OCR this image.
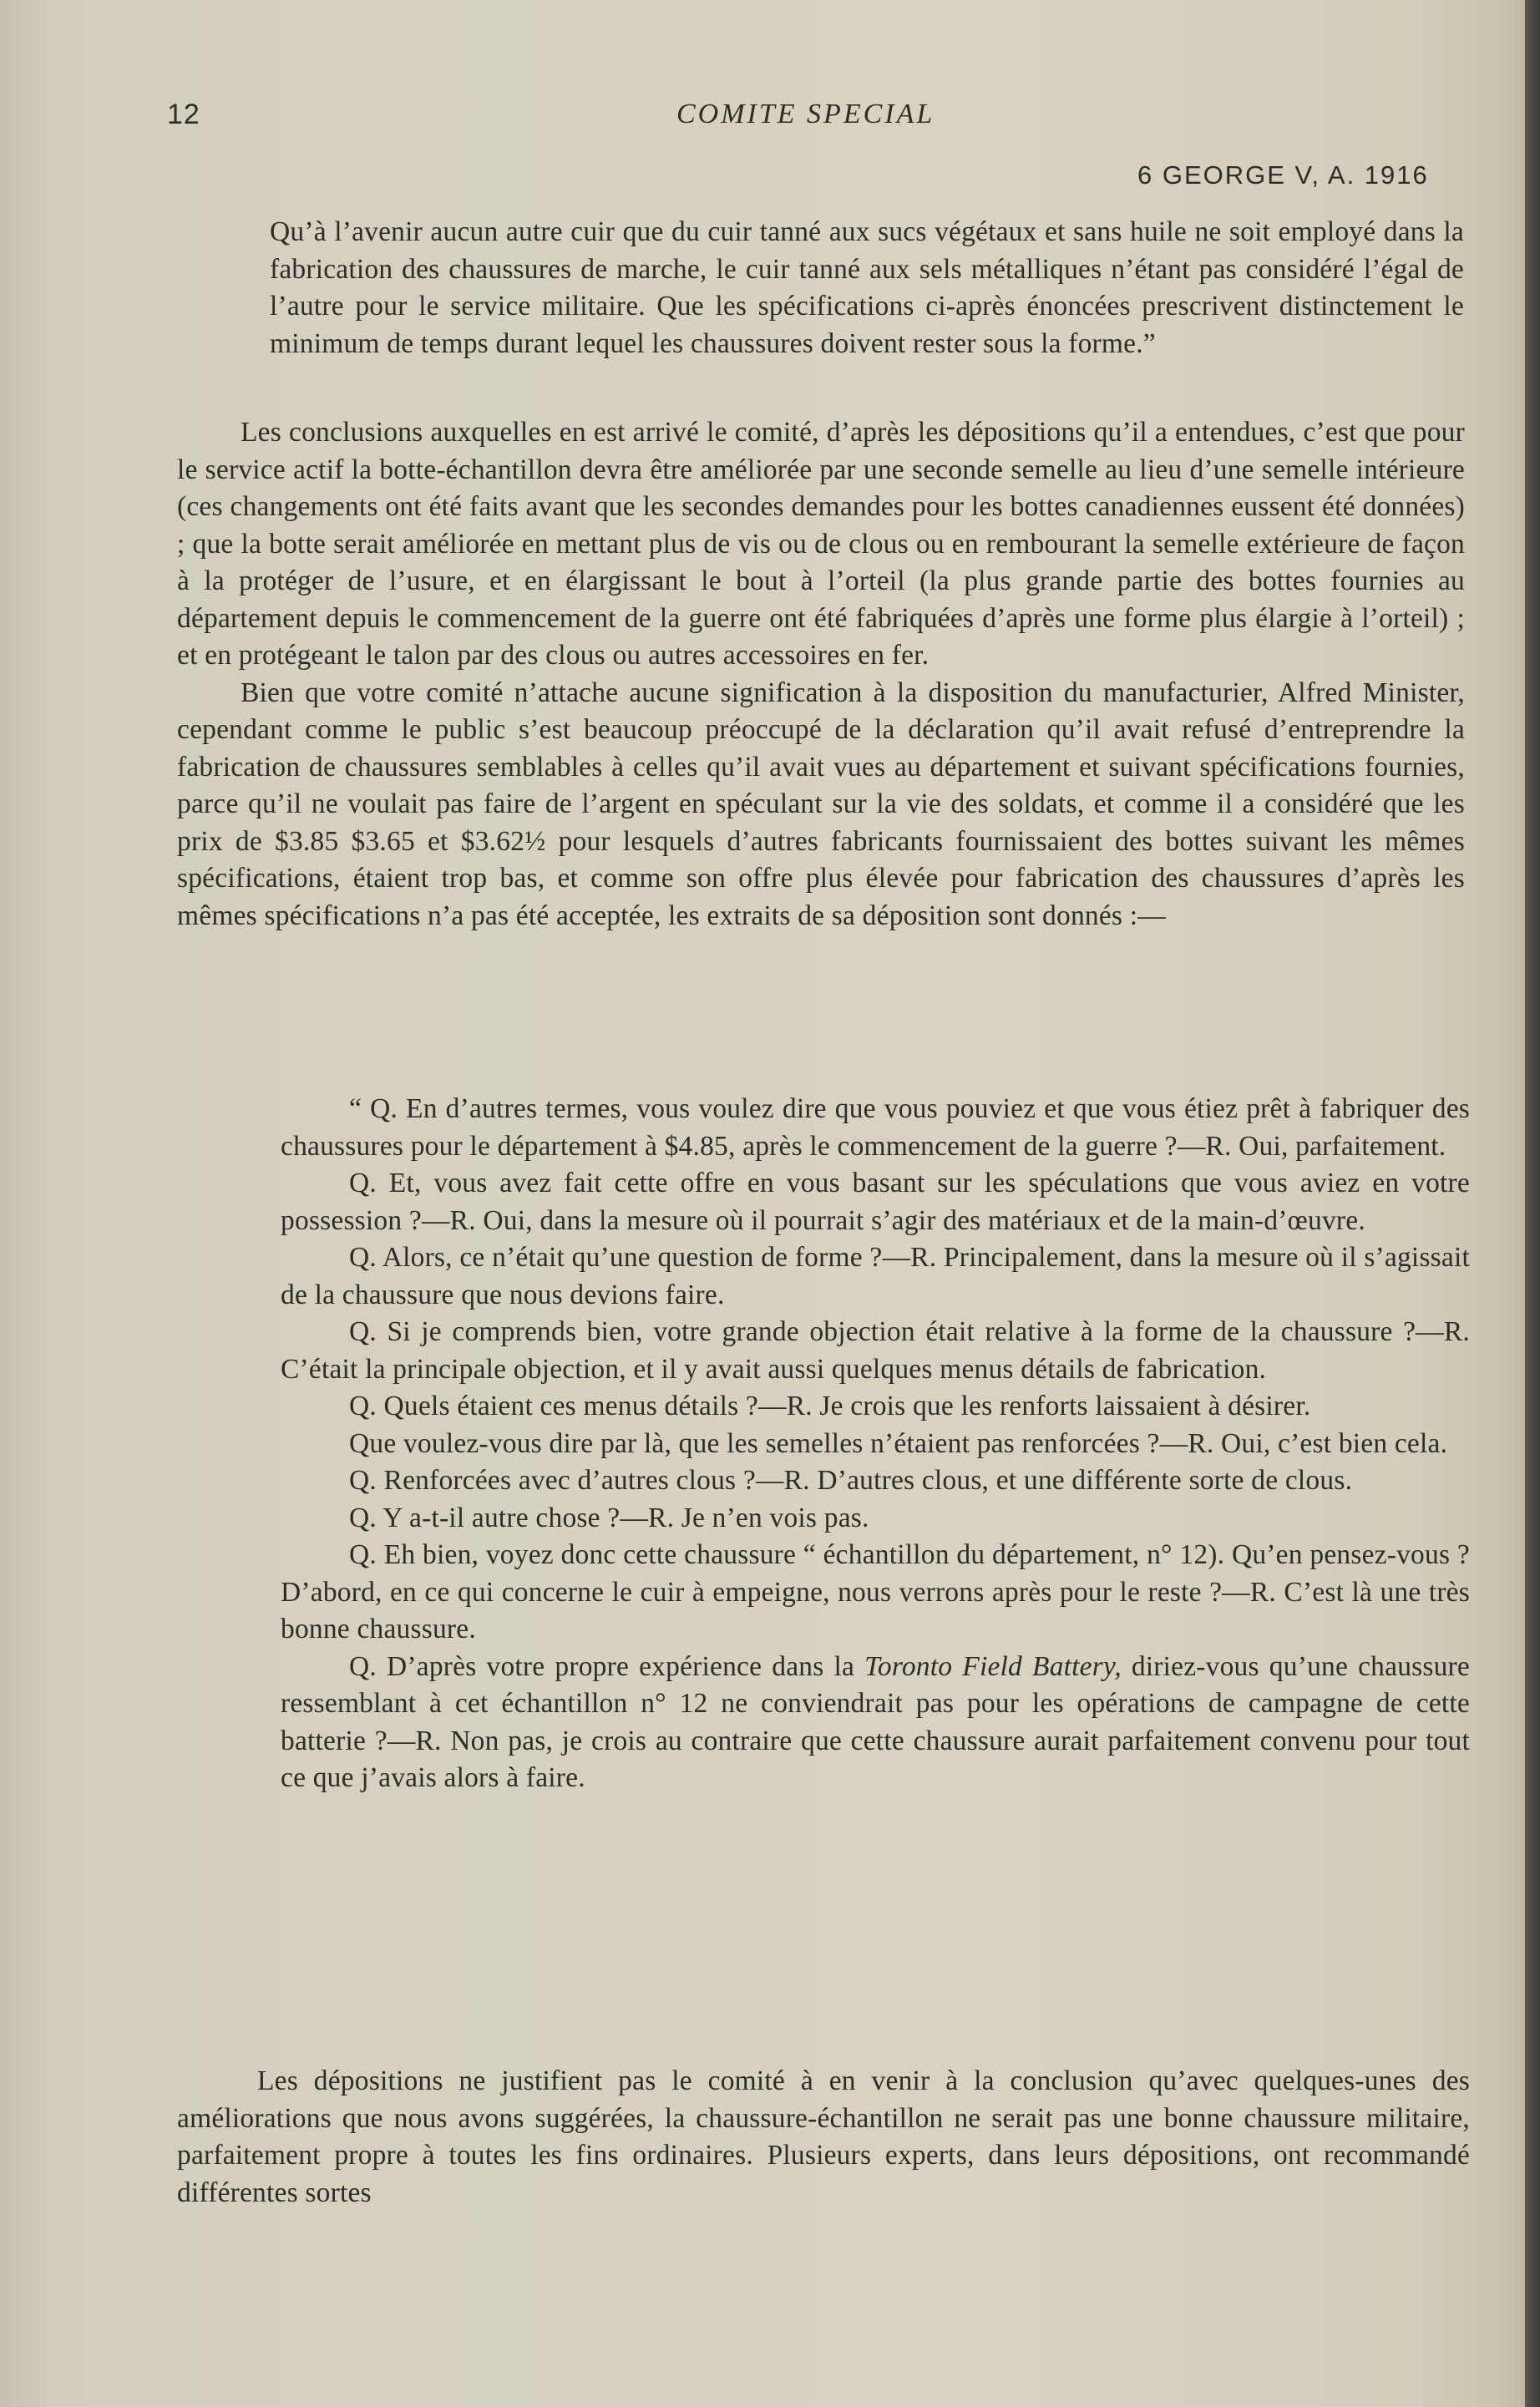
12	COMITE SPECIAL
6 GEORGE V, A. 1916

Qu’à l’avenir aucun autre cuir que du cuir tanné aux sucs végétaux et sans huile ne soit employé dans la fabrication des chaussures de marche, le cuir tanné aux sels métalliques n’étant pas considéré l’égal de l’autre pour le service militaire. Que les spécifications ci-après énoncées prescrivent distinctement le minimum de temps durant lequel les chaussures doivent rester sous la forme.”

Les conclusions auxquelles en est arrivé le comité, d’après les dépositions qu’il a entendues, c’est que pour le service actif la botte-échantillon devra être améliorée par une seconde semelle au lieu d’une semelle intérieure (ces changements ont été faits avant que les secondes demandes pour les bottes canadiennes eussent été données) ; que la botte serait améliorée en mettant plus de vis ou de clous ou en rembourant la semelle extérieure de façon à la protéger de l’usure, et en élargissant le bout à l’orteil (la plus grande partie des bottes fournies au département depuis le commencement de la guerre ont été fabriquées d’après une forme plus élargie à l’orteil) ; et en protégeant le talon par des clous ou autres accessoires en fer.

Bien que votre comité n’attache aucune signification à la disposition du manufacturier, Alfred Minister, cependant comme le public s’est beaucoup préoccupé de la déclaration qu’il avait refusé d’entreprendre la fabrication de chaussures semblables à celles qu’il avait vues au département et suivant spécifications fournies, parce qu’il ne voulait pas faire de l’argent en spéculant sur la vie des soldats, et comme il a considéré que les prix de $3.85 $3.65 et $3.62½ pour lesquels d’autres fabricants fournissaient des bottes suivant les mêmes spécifications, étaient trop bas, et comme son offre plus élevée pour fabrication des chaussures d’après les mêmes spécifications n’a pas été acceptée, les extraits de sa déposition sont donnés :—

“ Q. En d’autres termes, vous voulez dire que vous pouviez et que vous étiez prêt à fabriquer des chaussures pour le département à $4.85, après le commencement de la guerre ?—R. Oui, parfaitement.

Q. Et, vous avez fait cette offre en vous basant sur les spéculations que vous aviez en votre possession ?—R. Oui, dans la mesure où il pourrait s’agir des matériaux et de la main-d’œuvre.

Q. Alors, ce n’était qu’une question de forme ?—R. Principalement, dans la mesure où il s’agissait de la chaussure que nous devions faire.

Q. Si je comprends bien, votre grande objection était relative à la forme de la chaussure ?—R. C’était la principale objection, et il y avait aussi quelques menus détails de fabrication.

Q. Quels étaient ces menus détails ?—R. Je crois que les renforts laissaient à désirer.

Que voulez-vous dire par là, que les semelles n’étaient pas renforcées ?—R. Oui, c’est bien cela.

Q. Renforcées avec d’autres clous ?—R. D’autres clous, et une différente sorte de clous.

Q. Y a-t-il autre chose ?—R. Je n’en vois pas.

Q. Eh bien, voyez donc cette chaussure “ échantillon du département, n° 12). Qu’en pensez-vous ? D’abord, en ce qui concerne le cuir à empeigne, nous verrons après pour le reste ?—R. C’est là une très bonne chaussure.

Q. D’après votre propre expérience dans la Toronto Field Battery, diriez-vous qu’une chaussure ressemblant à cet échantillon n° 12 ne conviendrait pas pour les opérations de campagne de cette batterie ?—R. Non pas, je crois au contraire que cette chaussure aurait parfaitement convenu pour tout ce que j’avais alors à faire.

Les dépositions ne justifient pas le comité à en venir à la conclusion qu’avec quelques-unes des améliorations que nous avons suggérées, la chaussure-échantillon ne serait pas une bonne chaussure militaire, parfaitement propre à toutes les fins ordinaires. Plusieurs experts, dans leurs dépositions, ont recommandé différentes sortes
